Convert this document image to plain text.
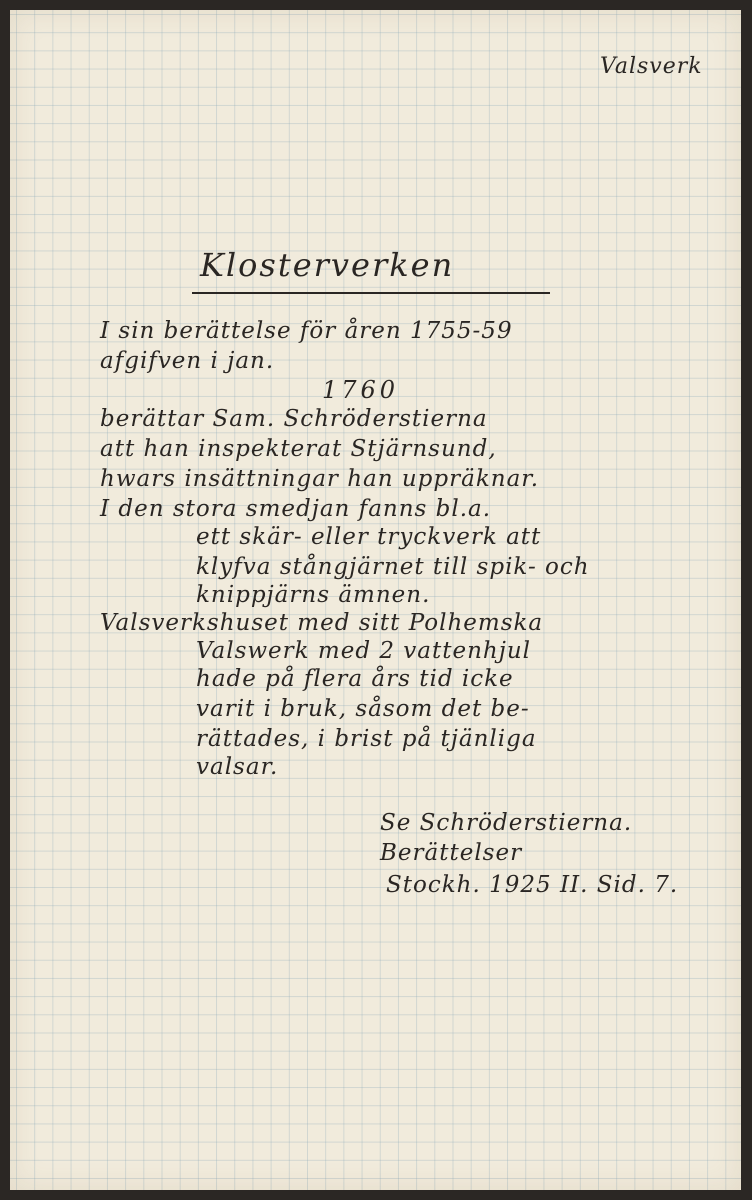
Valsverk
Klosterverken
I sin berättelse för åren 1755-59
afgifven i jan.
1760
berättar Sam. Schröderstierna
att han inspekterat Stjärnsund,
hwars insättningar han uppräknar.
I den stora smedjan fanns bl.a.
ett skär- eller tryckverk att
klyfva stångjärnet till spik- och
knippjärns ämnen.
Valsverkshuset med sitt Polhemska
Valswerk med 2 vattenhjul
hade på flera års tid icke
varit i bruk, såsom det be-
rättades, i brist på tjänliga
valsar.
Se Schröderstierna.
Berättelser
Stockh. 1925 II. Sid. 7.
